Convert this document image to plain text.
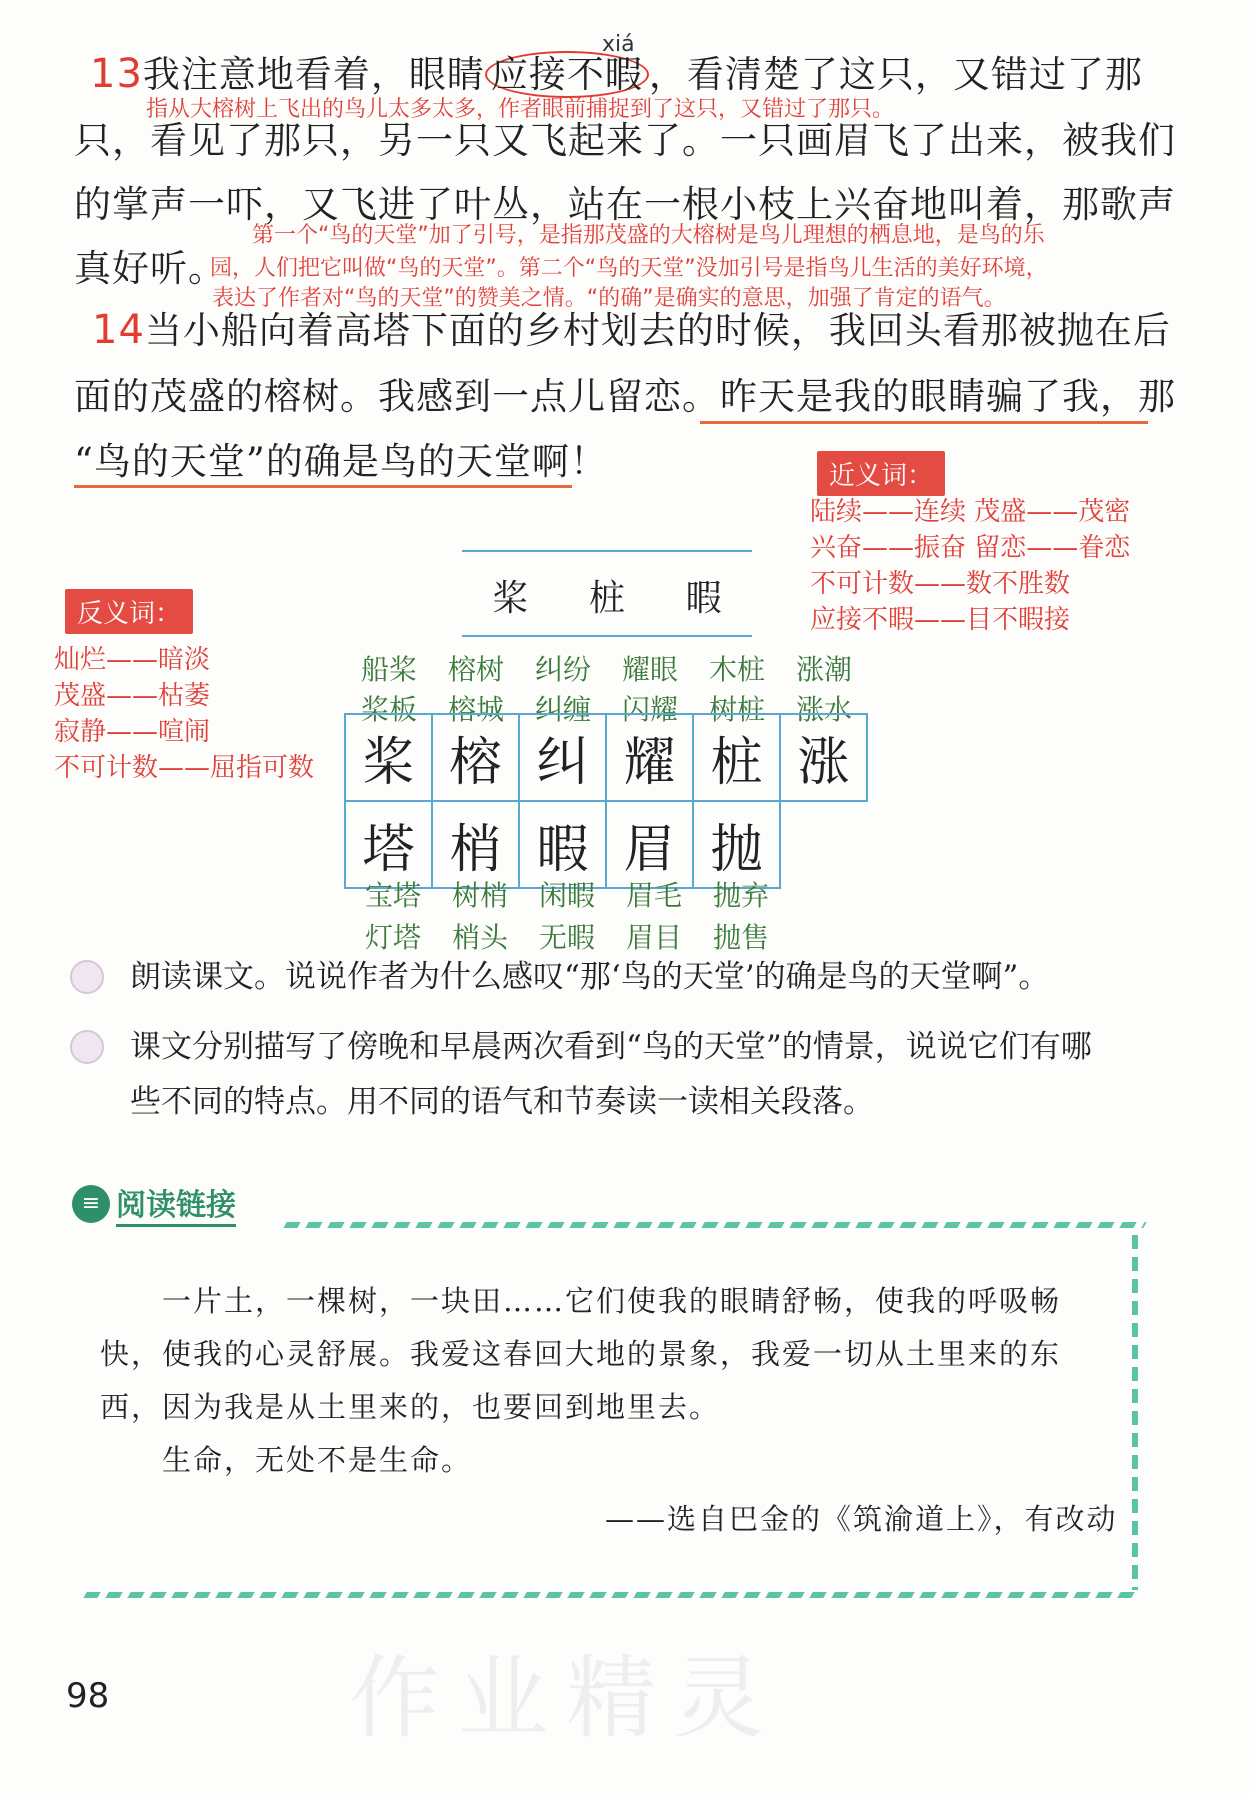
xiá
13我注意地看着，眼睛 应接不暇 ，看清楚了这只，又错过了那
指从大榕树上飞出的鸟儿太多太多，作者眼前捕捉到了这只，又错过了那只。
只，看见了那只，另一只又飞起来了。一只画眉飞了出来，被我们
的掌声一吓，又飞进了叶丛，站在一根小枝上兴奋地叫着，那歌声
真好听。
第一个“鸟的天堂”加了引号，是指那茂盛的大榕树是鸟儿理想的栖息地，是鸟的乐
园，人们把它叫做“鸟的天堂”。第二个“鸟的天堂”没加引号是指鸟儿生活的美好环境，
表达了作者对“鸟的天堂”的赞美之情。“的确”是确实的意思，加强了肯定的语气。
14当小船向着高塔下面的乡村划去的时候，我回头看那被抛在后
面的茂盛的榕树。我感到一点儿留恋。昨天是我的眼睛骗了我，那
“鸟的天堂”的确是鸟的天堂啊！	近义词：
陆续——连续 茂盛——茂密
兴奋——振奋 留恋——眷恋
不可计数——数不胜数
应接不暇——目不暇接
反义词：
灿烂——暗淡
茂盛——枯萎
寂静——喧闹
不可计数——屈指可数
桨 桩 暇
船桨	榕树	纠纷	耀眼	木桩	涨潮
桨板	榕城	纠缠	闪耀	树桩	涨水
桨	榕	纠	耀	桩	涨
塔	梢	暇	眉	抛	
宝塔	树梢	闲暇	眉毛	抛弃
灯塔	梢头	无暇	眉目	抛售
朗读课文。说说作者为什么感叹“那‘鸟的天堂’的确是鸟的天堂啊”。
课文分别描写了傍晚和早晨两次看到“鸟的天堂”的情景，说说它们有哪
些不同的特点。用不同的语气和节奏读一读相关段落。
≡ 阅读链接
一片土，一棵树，一块田……它们使我的眼睛舒畅，使我的呼吸畅
快，使我的心灵舒展。我爱这春回大地的景象，我爱一切从土里来的东
西，因为我是从土里来的，也要回到地里去。
生命，无处不是生命。
——选自巴金的《筑渝道上》，有改动
作业精灵
98
